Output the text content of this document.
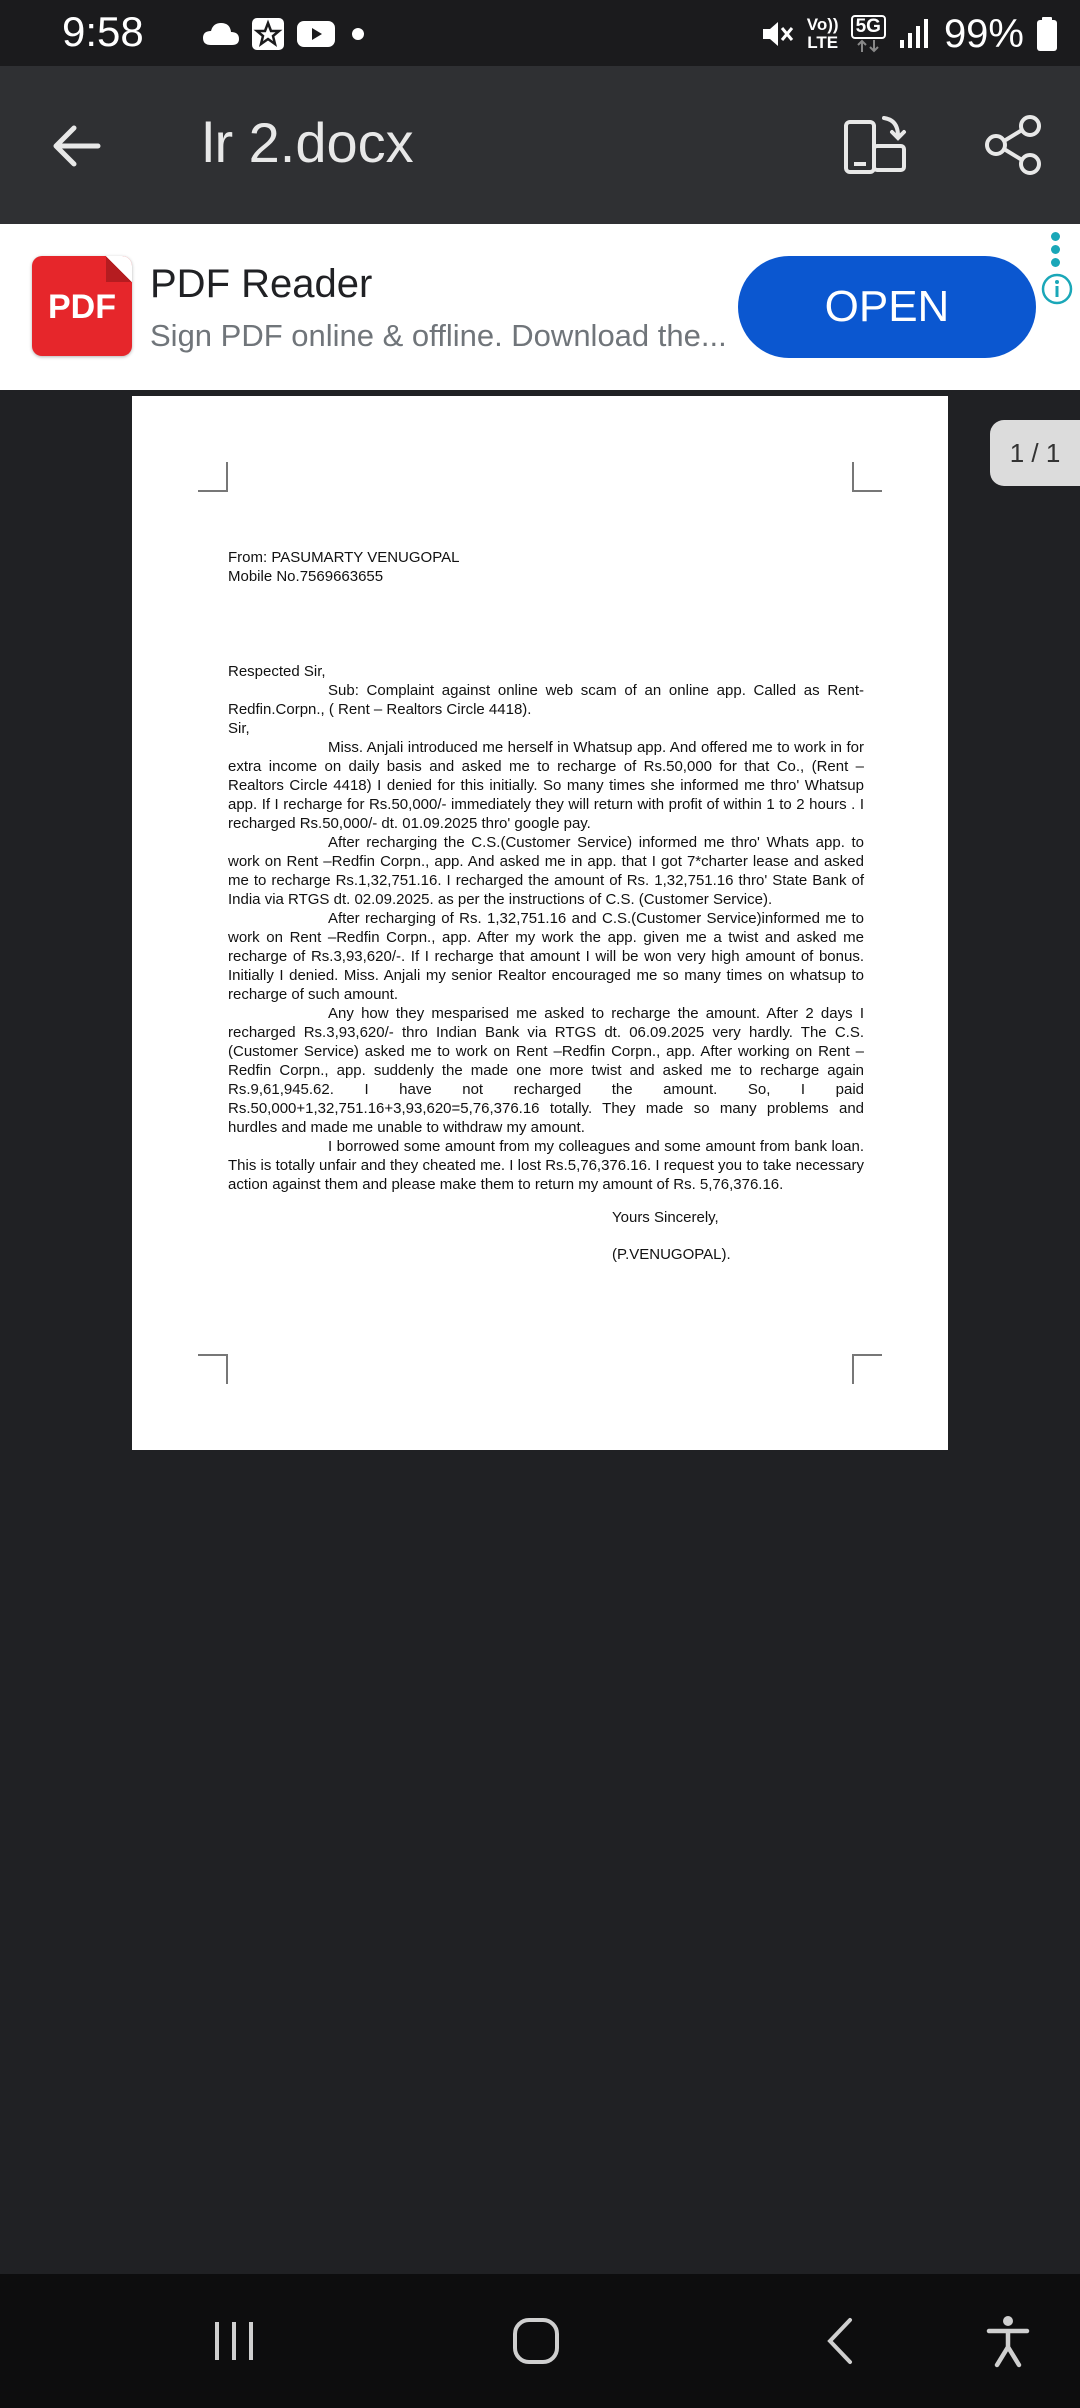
9:58	Vo))
LTE
5G 99%
lr 2.docx
PDF
PDF Reader
Sign PDF online & offline. Download the...
OPEN

From: PASUMARTY VENUGOPAL

Mobile No.7569663655

Respected Sir,

Sub: Complaint against online web scam of an online app. Called as Rent-Redfin.Corpn., ( Rent – Realtors Circle 4418).

Sir,

Miss. Anjali introduced me herself in Whatsup app. And offered me to work in for extra income on daily basis and asked me to recharge of Rs.50,000 for that Co., (Rent – Realtors Circle 4418) I denied for this initially. So many times she informed me thro' Whatsup app. If I recharge for Rs.50,000/- immediately they will return with profit of within 1 to 2 hours . I recharged Rs.50,000/- dt. 01.09.2025 thro' google pay.

After recharging the C.S.(Customer Service) informed me thro' Whats app. to work on Rent –Redfin Corpn., app. And asked me in app. that I got 7*charter lease and asked me to recharge Rs.1,32,751.16. I recharged the amount of Rs. 1,32,751.16 thro' State Bank of India via RTGS dt. 02.09.2025. as per the instructions of C.S. (Customer Service).

After recharging of Rs. 1,32,751.16 and C.S.(Customer Service)informed me to work on Rent –Redfin Corpn., app. After my work the app. given me a twist and asked me recharge of Rs.3,93,620/-. If I recharge that amount I will be won very high amount of bonus. Initially I denied. Miss. Anjali my senior Realtor encouraged me so many times on whatsup to recharge of such amount.

Any how they mesparised me asked to recharge the amount. After 2 days I recharged Rs.3,93,620/- thro Indian Bank via RTGS dt. 06.09.2025 very hardly. The C.S. (Customer Service) asked me to work on Rent –Redfin Corpn., app. After working on Rent –Redfin Corpn., app. suddenly the made one more twist and asked me to recharge again Rs.9,61,945.62. I have not recharged the amount. So, I paid Rs.50,000+1,32,751.16+3,93,620=5,76,376.16 totally. They made so many problems and hurdles and made me unable to withdraw my amount.

I borrowed some amount from my colleagues and some amount from bank loan. This is totally unfair and they cheated me. I lost Rs.5,76,376.16. I request you to take necessary action against them and please make them to return my amount of Rs. 5,76,376.16.

Yours Sincerely,

(P.VENUGOPAL).

1 / 1
